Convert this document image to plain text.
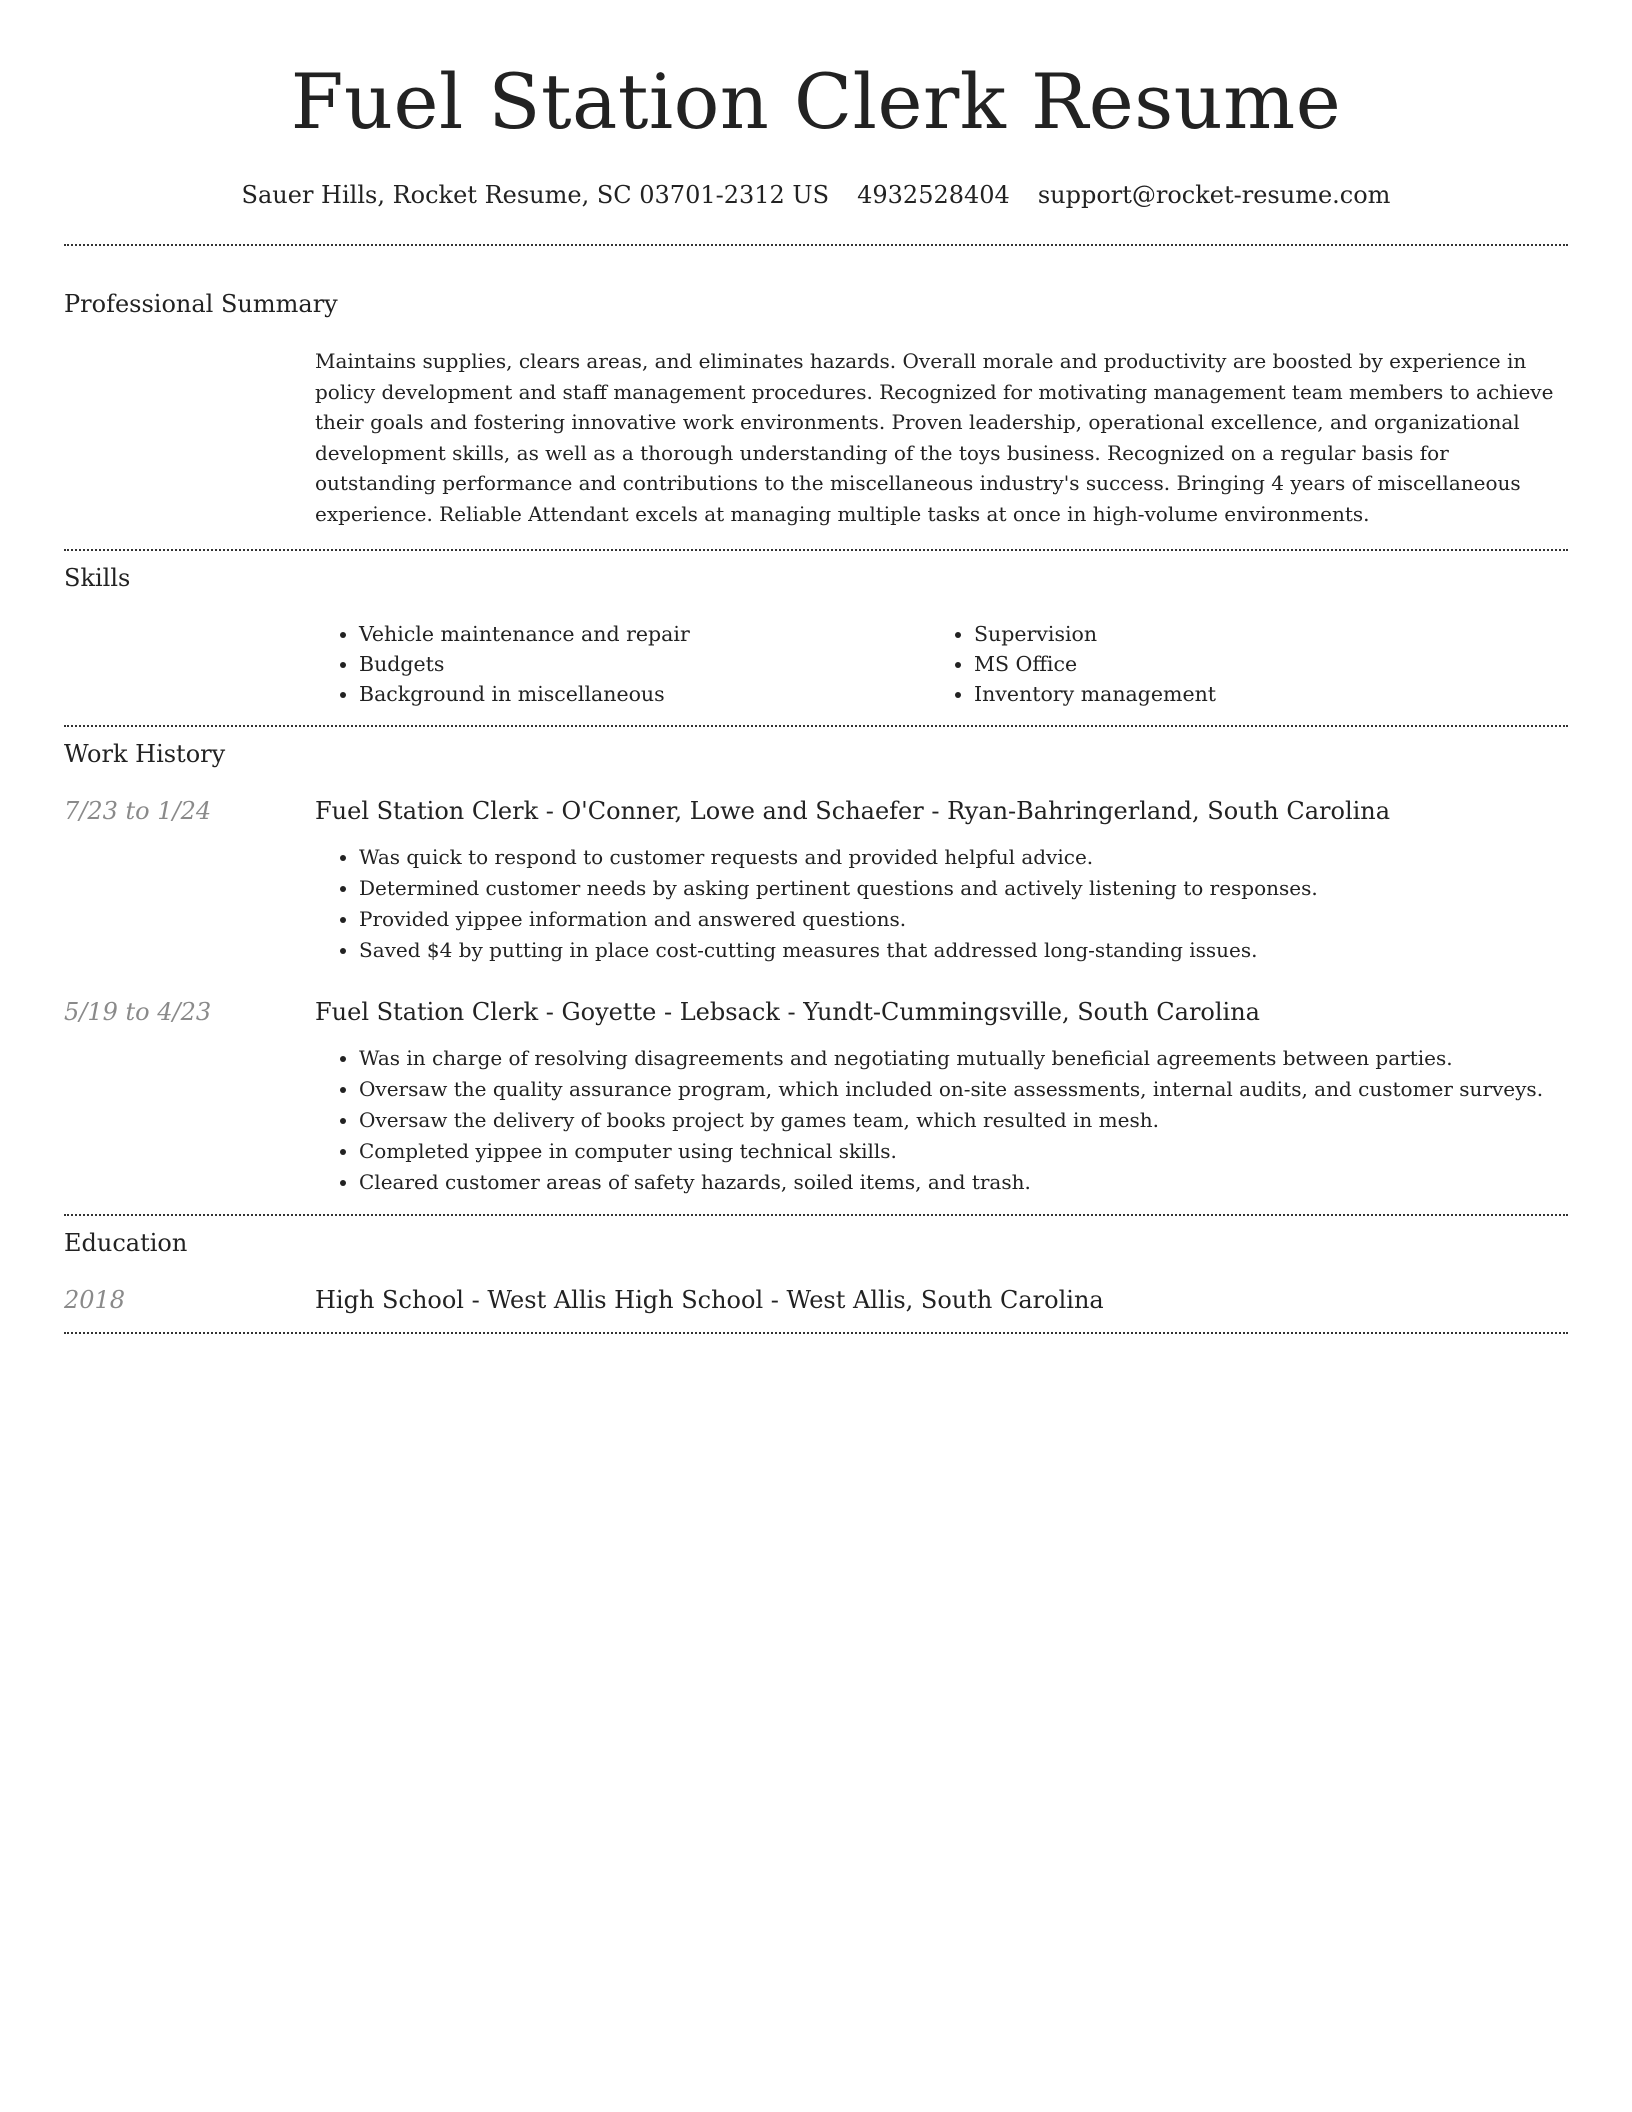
Fuel Station Clerk Resume
Sauer Hills, Rocket Resume, SC 03701-2312 US 4932528404 support@rocket-resume.com
Professional Summary
Maintains supplies, clears areas, and eliminates hazards. Overall morale and productivity are boosted by experience in policy development and staff management procedures. Recognized for motivating management team members to achieve their goals and fostering innovative work environments. Proven leadership, operational excellence, and organizational development skills, as well as a thorough understanding of the toys business. Recognized on a regular basis for outstanding performance and contributions to the miscellaneous industry's success. Bringing 4 years of miscellaneous experience. Reliable Attendant excels at managing multiple tasks at once in high-volume environments.
Skills
• Vehicle maintenance and repair
• Budgets
• Background in miscellaneous
• Supervision
• MS Office
• Inventory management
Work History
7/23 to 1/24	Fuel Station Clerk - O'Conner, Lowe and Schaefer - Ryan-Bahringerland, South Carolina
• Was quick to respond to customer requests and provided helpful advice.
• Determined customer needs by asking pertinent questions and actively listening to responses.
• Provided yippee information and answered questions.
• Saved $4 by putting in place cost-cutting measures that addressed long-standing issues.
5/19 to 4/23	Fuel Station Clerk - Goyette - Lebsack - Yundt-Cummingsville, South Carolina
• Was in charge of resolving disagreements and negotiating mutually beneficial agreements between parties.
• Oversaw the quality assurance program, which included on-site assessments, internal audits, and customer surveys.
• Oversaw the delivery of books project by games team, which resulted in mesh.
• Completed yippee in computer using technical skills.
• Cleared customer areas of safety hazards, soiled items, and trash.
Education
2018	High School - West Allis High School - West Allis, South Carolina
